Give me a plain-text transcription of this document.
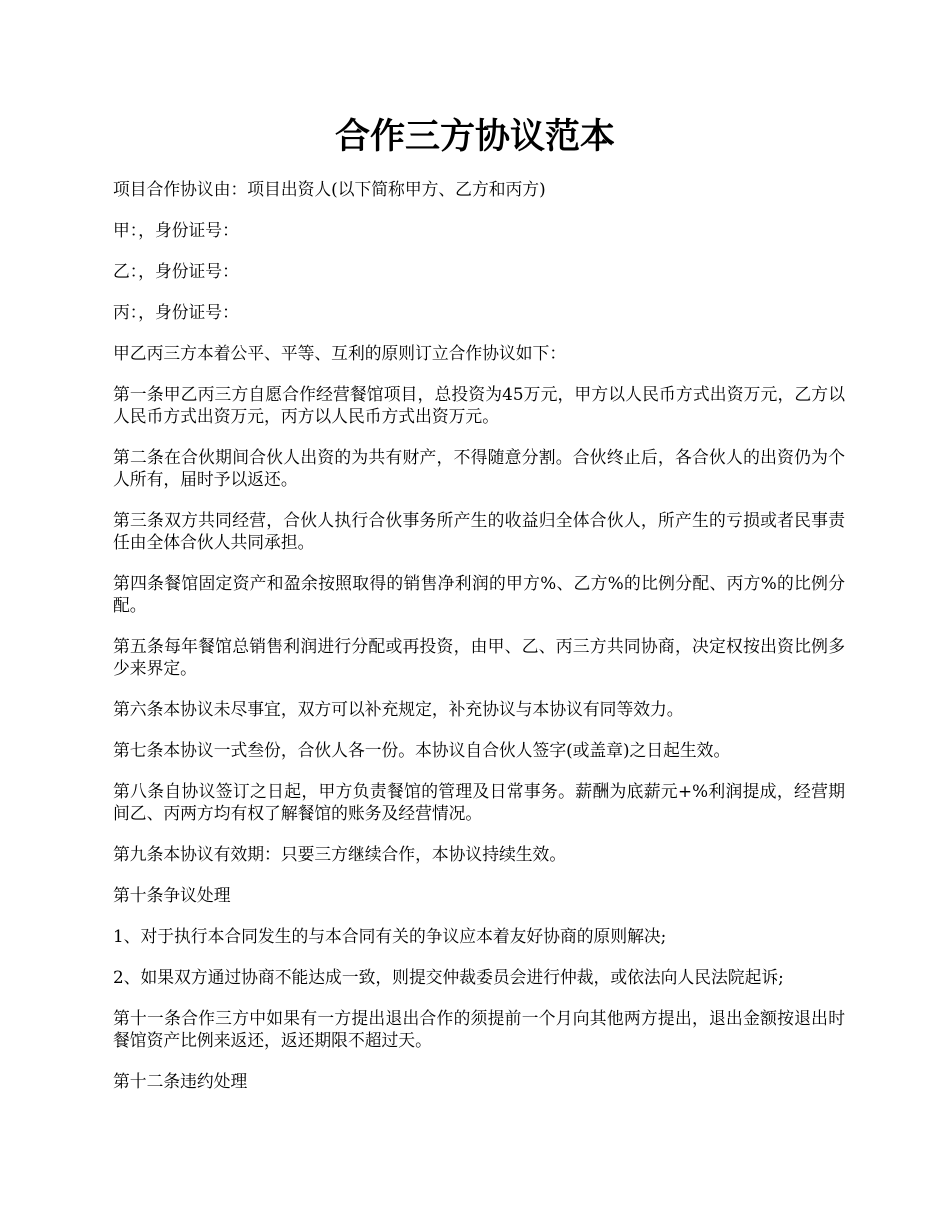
合作三方协议范本

项目合作协议由：项目出资人(以下简称甲方、乙方和丙方)

甲：，身份证号：

乙：，身份证号：

丙：，身份证号：

甲乙丙三方本着公平、平等、互利的原则订立合作协议如下：

第一条甲乙丙三方自愿合作经营餐馆项目，总投资为45万元，甲方以人民币方式出资万元，乙方以人民币方式出资万元，丙方以人民币方式出资万元。

第二条在合伙期间合伙人出资的为共有财产，不得随意分割。合伙终止后，各合伙人的出资仍为个人所有，届时予以返还。

第三条双方共同经营，合伙人执行合伙事务所产生的收益归全体合伙人，所产生的亏损或者民事责任由全体合伙人共同承担。

第四条餐馆固定资产和盈余按照取得的销售净利润的甲方%、乙方%的比例分配、丙方%的比例分配。

第五条每年餐馆总销售利润进行分配或再投资，由甲、乙、丙三方共同协商，决定权按出资比例多少来界定。

第六条本协议未尽事宜，双方可以补充规定，补充协议与本协议有同等效力。

第七条本协议一式叁份，合伙人各一份。本协议自合伙人签字(或盖章)之日起生效。

第八条自协议签订之日起，甲方负责餐馆的管理及日常事务。薪酬为底薪元+%利润提成，经营期间乙、丙两方均有权了解餐馆的账务及经营情况。

第九条本协议有效期：只要三方继续合作，本协议持续生效。

第十条争议处理

1、对于执行本合同发生的与本合同有关的争议应本着友好协商的原则解决;

2、如果双方通过协商不能达成一致，则提交仲裁委员会进行仲裁，或依法向人民法院起诉;

第十一条合作三方中如果有一方提出退出合作的须提前一个月向其他两方提出，退出金额按退出时餐馆资产比例来返还，返还期限不超过天。

第十二条违约处理
